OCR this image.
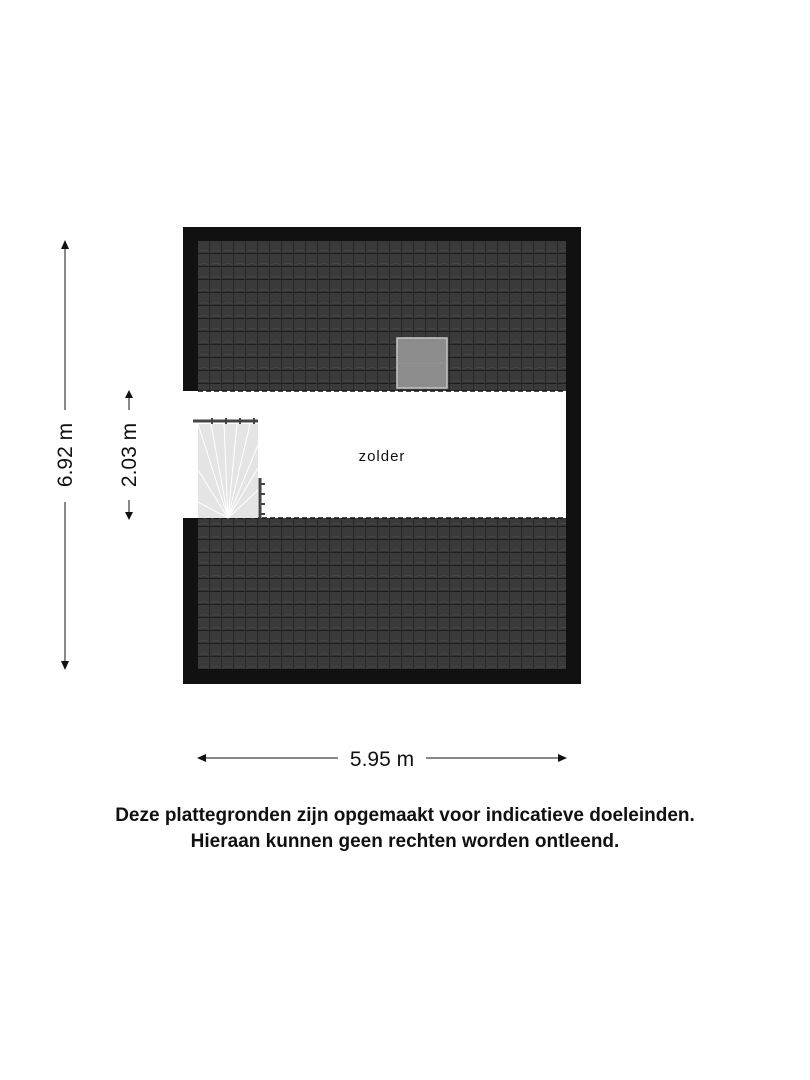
zolder
6.92 m 2.03 m
5.95 m

Deze plattegronden zijn opgemaakt voor indicatieve doeleinden.

Hieraan kunnen geen rechten worden ontleend.
